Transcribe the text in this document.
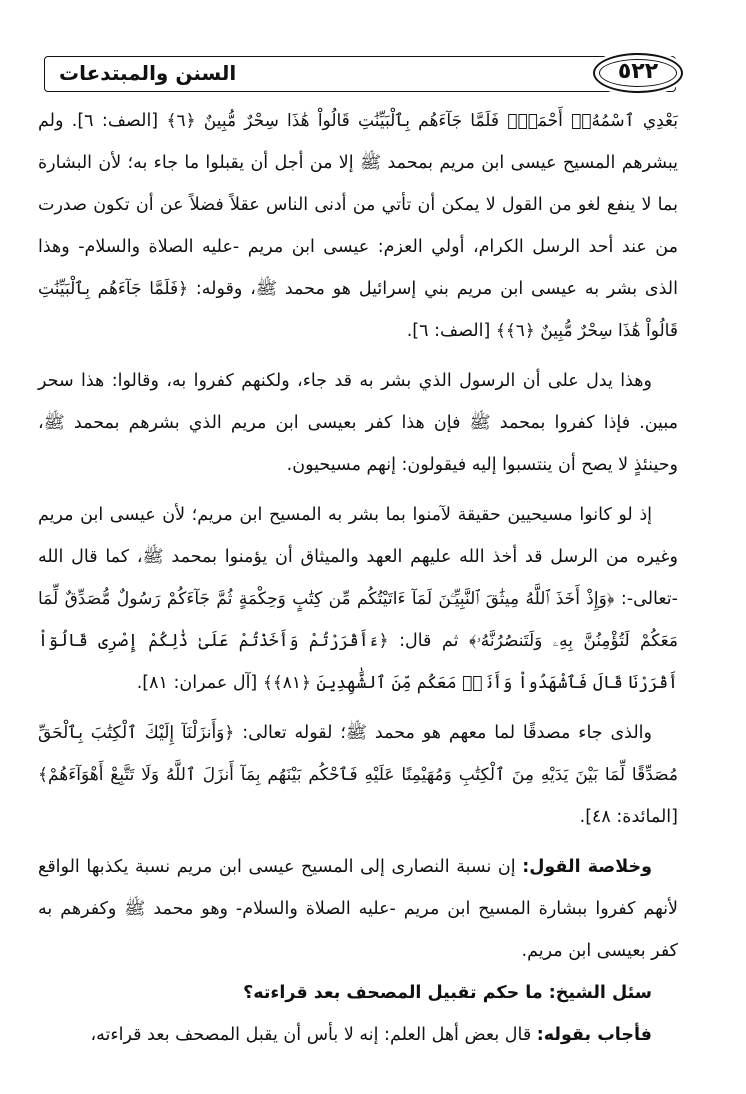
السنن والمبتدعات	٥٢٢

بَعْدِي ٱسْمُهُۥٓ أَحْمَدُۖ فَلَمَّا جَآءَهُم بِٱلْبَيِّنَٰتِ قَالُواْ هَٰذَا سِحْرٌ مُّبِينٌ ﴿٦﴾ [الصف: ٦]. ولم يبشرهم المسيح عيسى ابن مريم بمحمد ﷺ إلا من أجل أن يقبلوا ما جاء به؛ لأن البشارة بما لا ينفع لغو من القول لا يمكن أن تأتي من أدنى الناس عقلاً فضلاً عن أن تكون صدرت من عند أحد الرسل الكرام، أولي العزم: عيسى ابن مريم -عليه الصلاة والسلام- وهذا الذى بشر به عيسى ابن مريم بني إسرائيل هو محمد ﷺ، وقوله: ﴿فَلَمَّا جَآءَهُم بِٱلْبَيِّنَٰتِ قَالُواْ هَٰذَا سِحْرٌ مُّبِينٌ ﴿٦﴾﴾ [الصف: ٦].

وهذا يدل على أن الرسول الذي بشر به قد جاء، ولكنهم كفروا به، وقالوا: هذا سحر مبين. فإذا كفروا بمحمد ﷺ فإن هذا كفر بعيسى ابن مريم الذي بشرهم بمحمد ﷺ، وحينئذٍ لا يصح أن ينتسبوا إليه فيقولون: إنهم مسيحيون.

إذ لو كانوا مسيحيين حقيقة لآمنوا بما بشر به المسيح ابن مريم؛ لأن عيسى ابن مريم وغيره من الرسل قد أخذ الله عليهم العهد والميثاق أن يؤمنوا بمحمد ﷺ، كما قال الله -تعالى-: ﴿وَإِذْ أَخَذَ ٱللَّهُ مِيثَٰقَ ٱلنَّبِيِّـۧنَ لَمَآ ءَاتَيْتُكُم مِّن كِتَٰبٍ وَحِكْمَةٍ ثُمَّ جَآءَكُمْ رَسُولٌ مُّصَدِّقٌ لِّمَا مَعَكُمْ لَتُؤْمِنُنَّ بِهِۦ وَلَتَنصُرُنَّهُۥ﴾ ثم قال: ﴿ءَأَقْرَرْتُمْ وَأَخَذْتُمْ عَلَىٰ ذَٰلِكُمْ إِصْرِى قَالُوٓاْ أَقْرَرْنَا قَالَ فَٱشْهَدُواْ وَأَنَا۠ مَعَكُم مِّنَ ٱلشَّٰهِدِينَ ﴿٨١﴾﴾ [آل عمران: ٨١].

والذى جاء مصدقًا لما معهم هو محمد ﷺ؛ لقوله تعالى: ﴿وَأَنزَلْنَآ إِلَيْكَ ٱلْكِتَٰبَ بِٱلْحَقِّ مُصَدِّقًا لِّمَا بَيْنَ يَدَيْهِ مِنَ ٱلْكِتَٰبِ وَمُهَيْمِنًا عَلَيْهِ فَٱحْكُم بَيْنَهُم بِمَآ أَنزَلَ ٱللَّهُ وَلَا تَتَّبِعْ أَهْوَآءَهُمْ﴾ [المائدة: ٤٨].

وخلاصة القول: إن نسبة النصارى إلى المسيح عيسى ابن مريم نسبة يكذبها الواقع لأنهم كفروا ببشارة المسيح ابن مريم -عليه الصلاة والسلام- وهو محمد ﷺ وكفرهم به كفر بعيسى ابن مريم.

سئل الشيخ: ما حكم تقبيل المصحف بعد قراءته؟

فأجاب بقوله: قال بعض أهل العلم: إنه لا بأس أن يقبل المصحف بعد قراءته،
